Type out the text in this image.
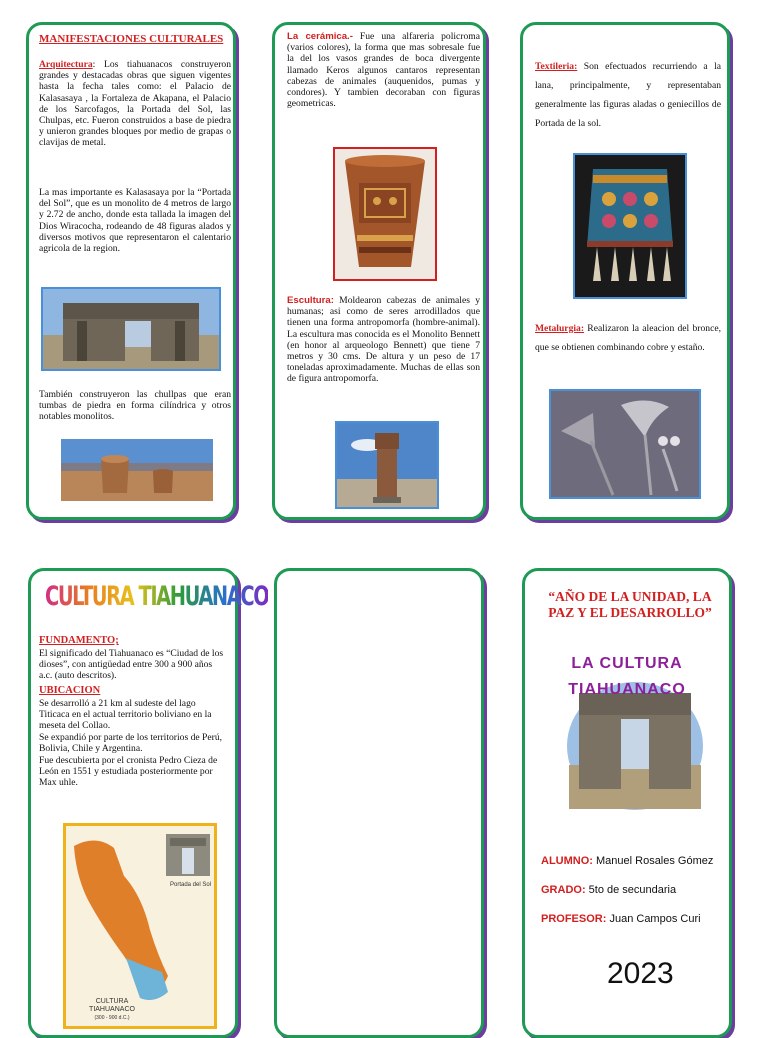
MANIFESTACIONES CULTURALES

Arquitectura: Los tiahuanacos construyeron grandes y destacadas obras que siguen vigentes hasta la fecha tales como: el Palacio de Kalasasaya , la Fortaleza de Akapana, el Palacio de los Sarcofagos, la Portada del Sol, las Chulpas, etc. Fueron construidos a base de piedra y unieron grandes bloques por medio de grapas o clavijas de metal.

La mas importante es Kalasasaya por la “Portada del Sol”, que es un monolito de 4 metros de largo y 2.72 de ancho, donde esta tallada la imagen del Dios Wiracocha, rodeando de 48 figuras alados y diversos motivos que representaron el calentario agricola de la region.

También construyeron las chullpas que eran tumbas de piedra en forma cilíndrica y otros notables monolitos.

La cerámica.- Fue una alfareria policroma (varios colores), la forma que mas sobresale fue la del los vasos grandes de boca divergente llamado Keros algunos cantaros representan cabezas de animales (auquenidos, pumas y condores). Y tambien decoraban con figuras geometricas.

Escultura: Moldearon cabezas de animales y humanas; asi como de seres arrodillados que tienen una forma antropomorfa (hombre-animal). La escultura mas conocida es el Monolito Bennett (en honor al arqueologo Bennett) que tiene 7 metros y 30 cms. De altura y un peso de 17 toneladas aproximadamente. Muchas de ellas son de figura antropomorfa.

Textileria: Son efectuados recurriendo a la lana, principalmente, y representaban generalmente las figuras aladas o geniecillos de Portada de la sol.

Metalurgia: Realizaron la aleacion del bronce, que se obtienen combinando cobre y estaño.

CULTURA TIAHUANACO
FUNDAMENTO;

El significado del Tiahuanaco es “Ciudad de los dioses”, con antigüedad entre 300 a 900 años a.c. (auto descritos).

UBICACION

Se desarrolló a 21 km al sudeste del lago Titicaca en el actual territorio boliviano en la meseta del Collao.

Se expandió por parte de los territorios de Perú, Bolivia, Chile y Argentina.

Fue descubierta por el cronista Pedro Cieza de León en 1551 y estudiada posteriormente por Max uhle.

Portada del Sol
CULTURA
TIAHUANACO
(300 - 900 d.C.)
“AÑO DE LA UNIDAD, LA PAZ Y EL DESARROLLO”
LA CULTURA
TIAHUANACO
ALUMNO: Manuel Rosales Gómez
GRADO: 5to de secundaria
PROFESOR: Juan Campos Curi
2023
